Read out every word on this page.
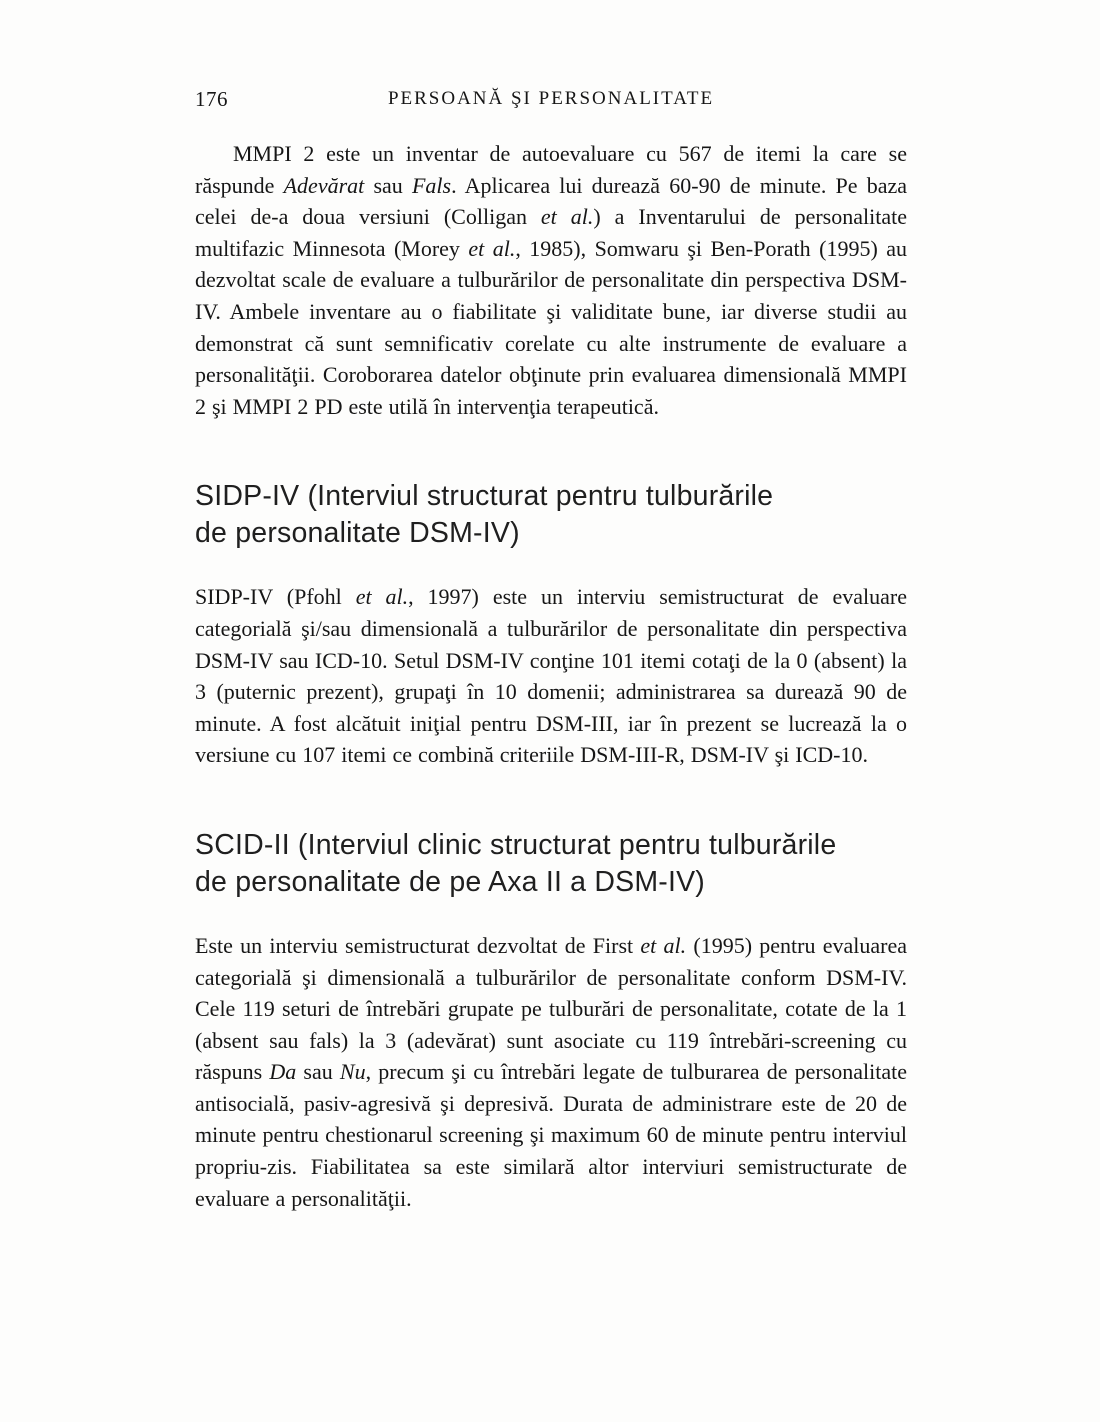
176	PERSOANĂ ŞI PERSONALITATE

MMPI 2 este un inventar de autoevaluare cu 567 de itemi la care se răspunde Adevărat sau Fals. Aplicarea lui durează 60-90 de minute. Pe baza celei de-a doua versiuni (Colligan et al.) a Inventarului de personalitate multifazic Minnesota (Morey et al., 1985), Somwaru şi Ben-Porath (1995) au dezvoltat scale de evaluare a tulburărilor de personalitate din perspectiva DSM-IV. Ambele inventare au o fiabilitate şi validitate bune, iar diverse studii au demonstrat că sunt semnificativ corelate cu alte instrumente de evaluare a personalităţii. Coroborarea datelor obţinute prin evaluarea dimensională MMPI 2 şi MMPI 2 PD este utilă în intervenţia terapeutică.

SIDP-IV (Interviul structurat pentru tulburările
de personalitate DSM-IV)

SIDP-IV (Pfohl et al., 1997) este un interviu semistructurat de evaluare categorială şi/sau dimensională a tulburărilor de personalitate din perspectiva DSM-IV sau ICD-10. Setul DSM-IV conţine 101 itemi cotaţi de la 0 (absent) la 3 (puternic prezent), grupaţi în 10 domenii; administrarea sa durează 90 de minute. A fost alcătuit iniţial pentru DSM-III, iar în prezent se lucrează la o versiune cu 107 itemi ce combină criteriile DSM-III-R, DSM-IV şi ICD-10.

SCID-II (Interviul clinic structurat pentru tulburările
de personalitate de pe Axa II a DSM-IV)

Este un interviu semistructurat dezvoltat de First et al. (1995) pentru evaluarea categorială şi dimensională a tulburărilor de personalitate conform DSM-IV. Cele 119 seturi de întrebări grupate pe tulburări de personalitate, cotate de la 1 (absent sau fals) la 3 (adevărat) sunt asociate cu 119 întrebări-screening cu răspuns Da sau Nu, precum şi cu întrebări legate de tulburarea de personalitate antisocială, pasiv-agresivă şi depresivă. Durata de administrare este de 20 de minute pentru chestionarul screening şi maximum 60 de minute pentru interviul propriu-zis. Fiabilitatea sa este similară altor interviuri semistructurate de evaluare a personalităţii.
